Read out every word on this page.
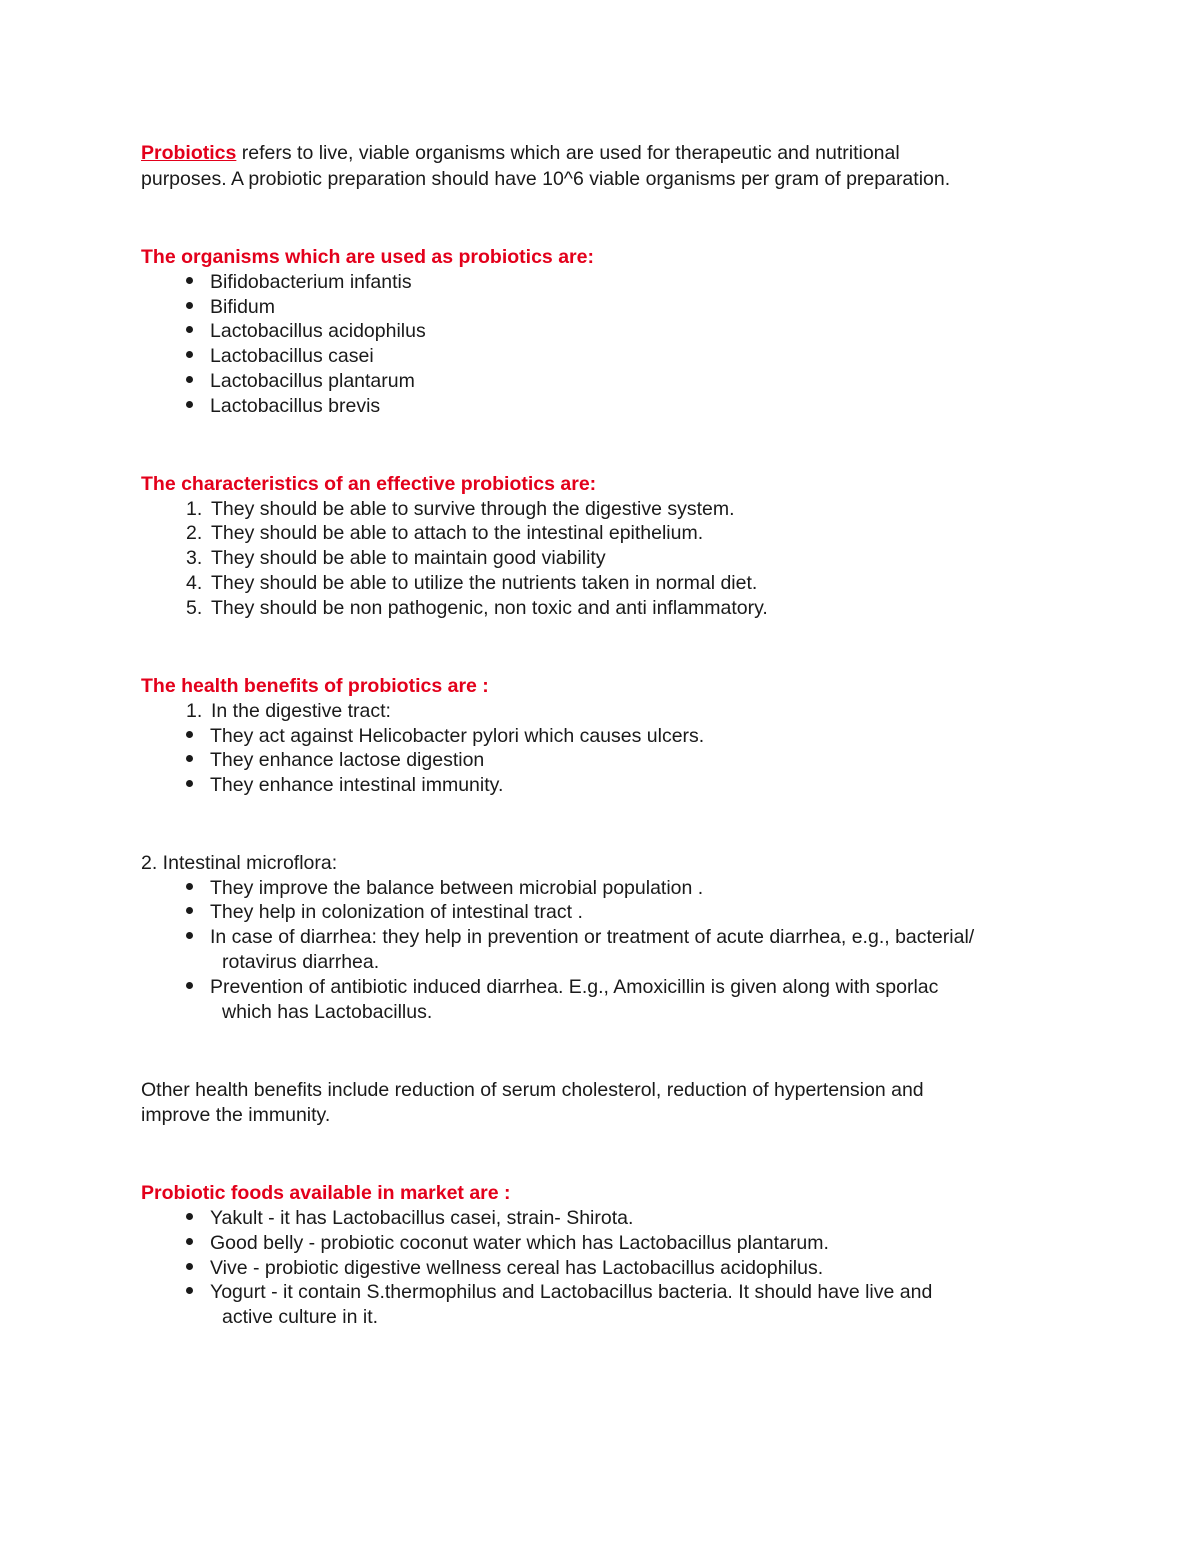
Probiotics refers to live, viable organisms which are used for therapeutic and nutritional
purposes. A probiotic preparation should have 10^6 viable organisms per gram of preparation.
The organisms which are used as probiotics are:
Bifidobacterium infantis
Bifidum
Lactobacillus acidophilus
Lactobacillus casei
Lactobacillus plantarum
Lactobacillus brevis
The characteristics of an effective probiotics are:
1. They should be able to survive through the digestive system.
2. They should be able to attach to the intestinal epithelium.
3. They should be able to maintain good viability
4. They should be able to utilize the nutrients taken in normal diet.
5. They should be non pathogenic, non toxic and anti inflammatory.
The health benefits of probiotics are :
1. In the digestive tract:
They act against Helicobacter pylori which causes ulcers.
They enhance lactose digestion
They enhance intestinal immunity.
2. Intestinal microflora:
They improve the balance between microbial population .
They help in colonization of intestinal tract .
In case of diarrhea: they help in prevention or treatment of acute diarrhea, e.g., bacterial/
rotavirus diarrhea.
Prevention of antibiotic induced diarrhea. E.g., Amoxicillin is given along with sporlac
which has Lactobacillus.
Other health benefits include reduction of serum cholesterol, reduction of hypertension and
improve the immunity.
Probiotic foods available in market are :
Yakult - it has Lactobacillus casei, strain- Shirota.
Good belly - probiotic coconut water which has Lactobacillus plantarum.
Vive - probiotic digestive wellness cereal has Lactobacillus acidophilus.
Yogurt - it contain S.thermophilus and Lactobacillus bacteria. It should have live and
active culture in it.
